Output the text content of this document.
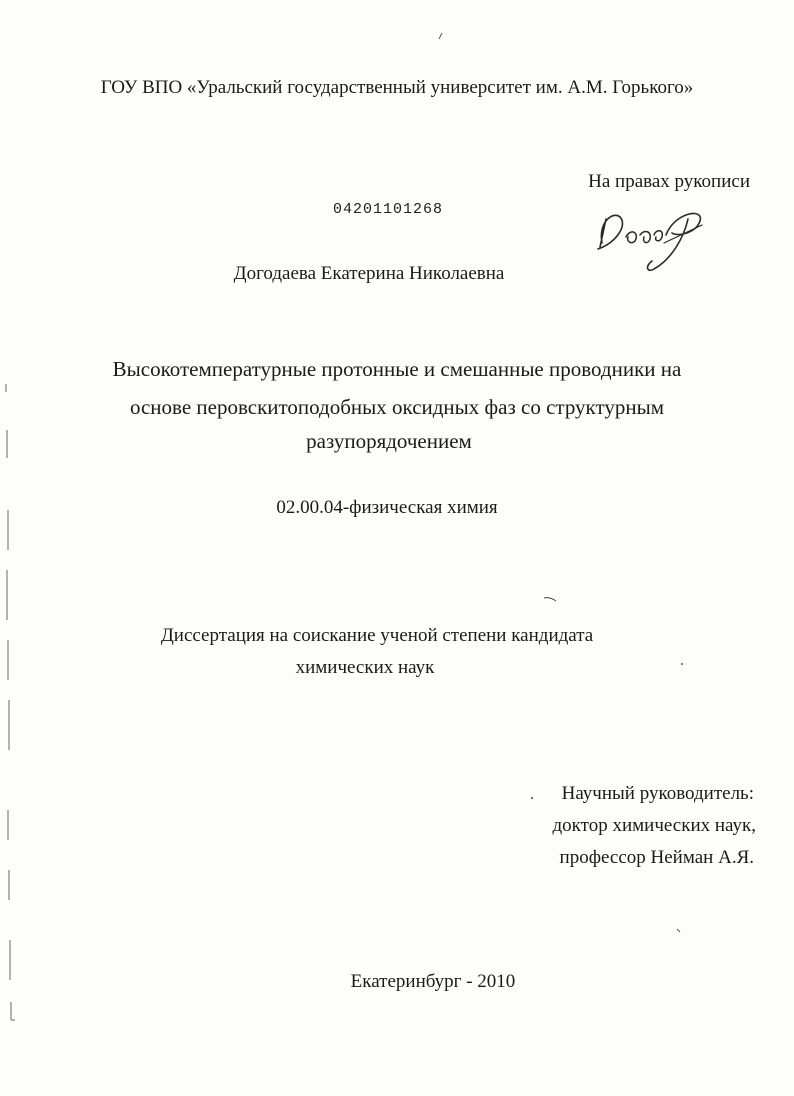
ГОУ ВПО «Уральский государственный университет им. А.М. Горького»
На правах рукописи
04201101268
Догодаева Екатерина Николаевна
Высокотемпературные протонные и смешанные проводники на
основе перовскитоподобных оксидных фаз со структурным
разупорядочением
02.00.04-физическая химия
Диссертация на соискание ученой степени кандидата
химических наук
Научный руководитель:
доктор химических наук,
профессор Нейман А.Я.
Екатеринбург - 2010
